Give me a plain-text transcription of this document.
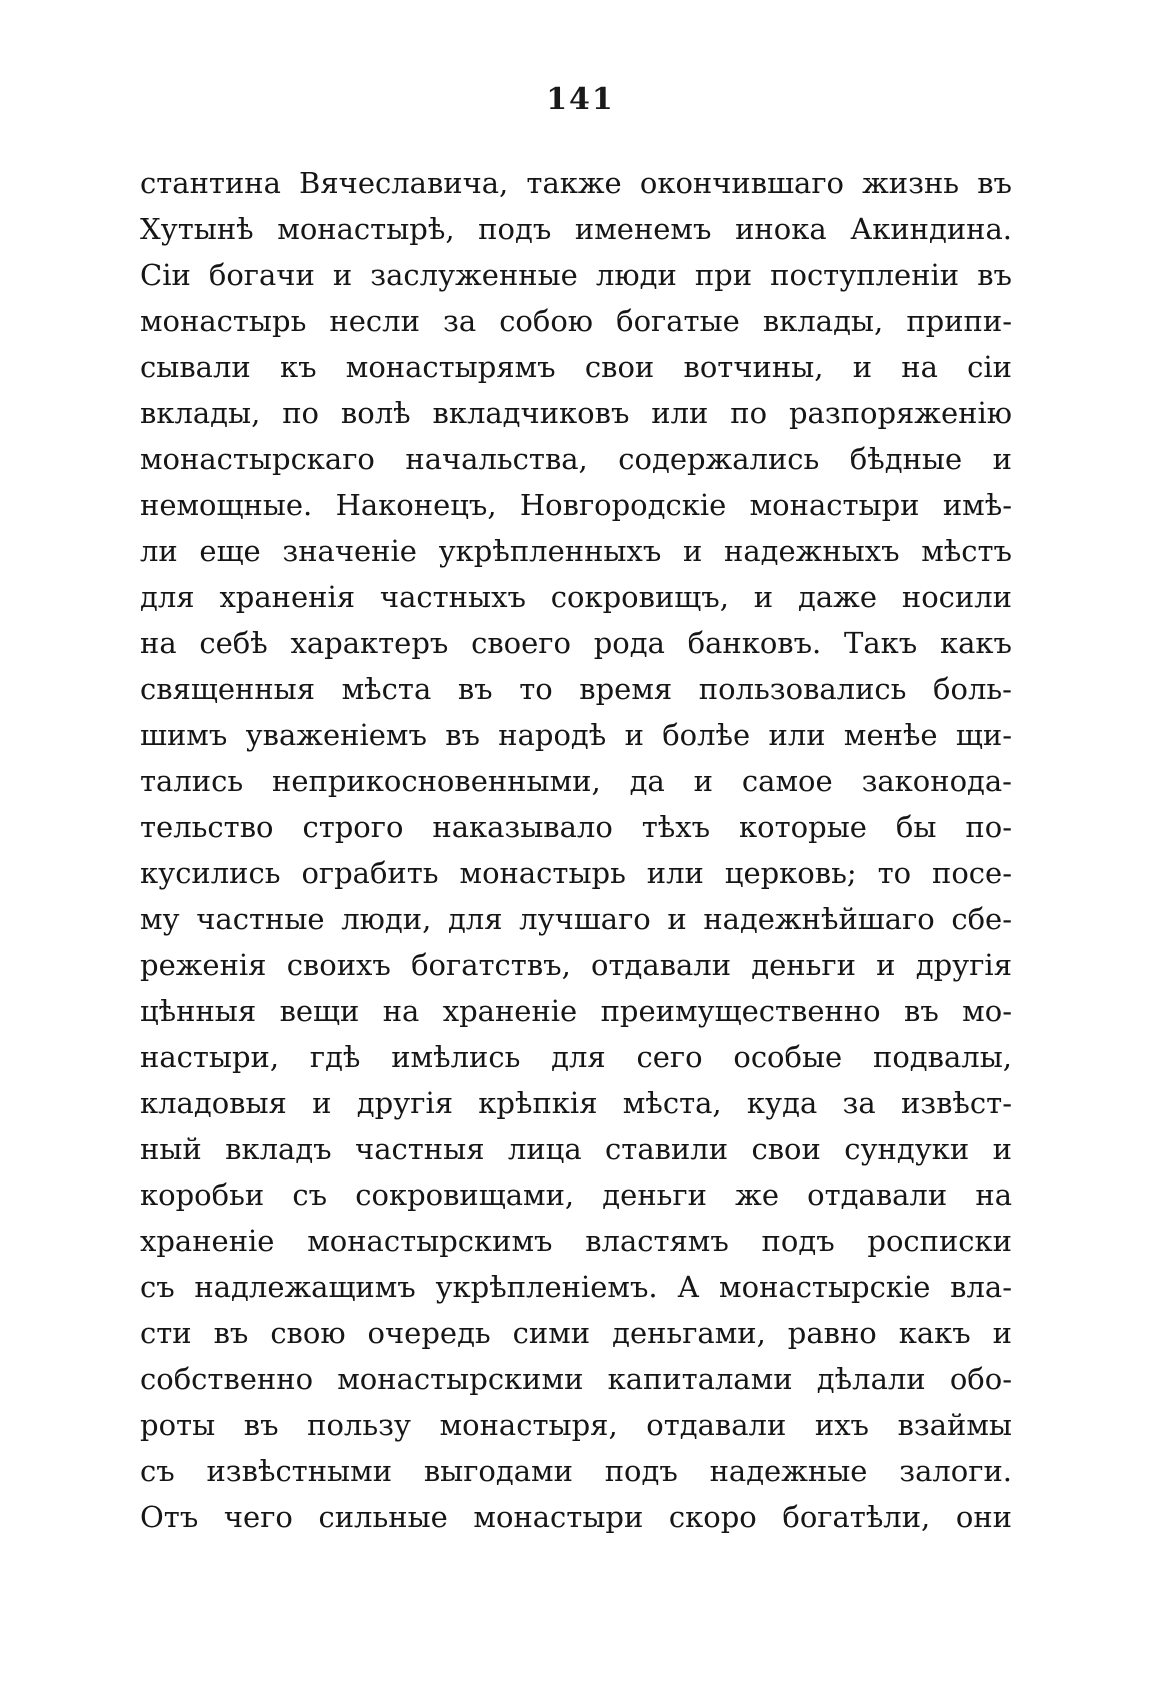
141
стантина Вячеславича, также окончившаго жизнь въ
Хутынѣ монастырѣ, подъ именемъ инока Акиндина.
Сіи богачи и заслуженные люди при поступленіи въ
монастырь несли за собою богатые вклады, припи-
сывали къ монастырямъ свои вотчины, и на сіи
вклады, по волѣ вкладчиковъ или по разпоряженію
монастырскаго начальства, содержались бѣдные и
немощные. Наконецъ, Новгородскіе монастыри имѣ-
ли еще значеніе укрѣпленныхъ и надежныхъ мѣстъ
для храненія частныхъ сокровищъ, и даже носили
на себѣ характеръ своего рода банковъ. Такъ какъ
священныя мѣста въ то время пользовались боль-
шимъ уваженіемъ въ народѣ и болѣе или менѣе щи-
тались неприкосновенными, да и самое законода-
тельство строго наказывало тѣхъ которые бы по-
кусились ограбить монастырь или церковь; то посе-
му частные люди, для лучшаго и надежнѣйшаго сбе-
реженія своихъ богатствъ, отдавали деньги и другія
цѣнныя вещи на храненіе преимущественно въ мо-
настыри, гдѣ имѣлись для сего особые подвалы,
кладовыя и другія крѣпкія мѣста, куда за извѣст-
ный вкладъ частныя лица ставили свои сундуки и
коробьи съ сокровищами, деньги же отдавали на
храненіе монастырскимъ властямъ подъ росписки
съ надлежащимъ укрѣпленіемъ. А монастырскіе вла-
сти въ свою очередь сими деньгами, равно какъ и
собственно монастырскими капиталами дѣлали обо-
роты въ пользу монастыря, отдавали ихъ взаймы
съ извѣстными выгодами подъ надежные залоги.
Отъ чего сильные монастыри скоро богатѣли, они
